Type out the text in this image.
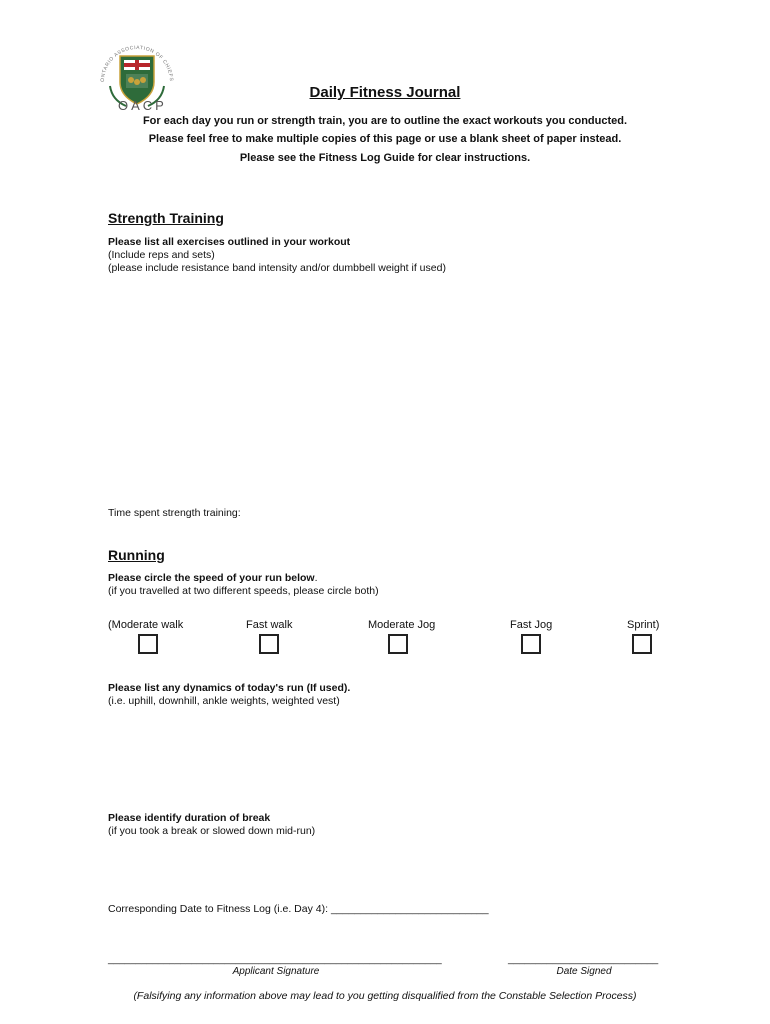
ONTARIO ASSOCIATION OF CHIEFS
OACP
Daily Fitness Journal
For each day you run or strength train, you are to outline the exact workouts you conducted.
Please feel free to make multiple copies of this page or use a blank sheet of paper instead.
Please see the Fitness Log Guide for clear instructions.
Strength Training
Please list all exercises outlined in your workout
(Include reps and sets)
(please include resistance band intensity and/or dumbbell weight if used)
Time spent strength training:
Running
Please circle the speed of your run below.
(if you travelled at two different speeds, please circle both)
(Moderate walk	Fast walk	Moderate Jog	Fast Jog	Sprint)
Please list any dynamics of today's run (If used).
(i.e. uphill, downhill, ankle weights, weighted vest)
Please identify duration of break
(if you took a break or slowed down mid-run)
Corresponding Date to Fitness Log (i.e. Day 4): ___________________________
____________________________________________________________
Applicant Signature
___________________________
Date Signed
(Falsifying any information above may lead to you getting disqualified from the Constable Selection Process)
